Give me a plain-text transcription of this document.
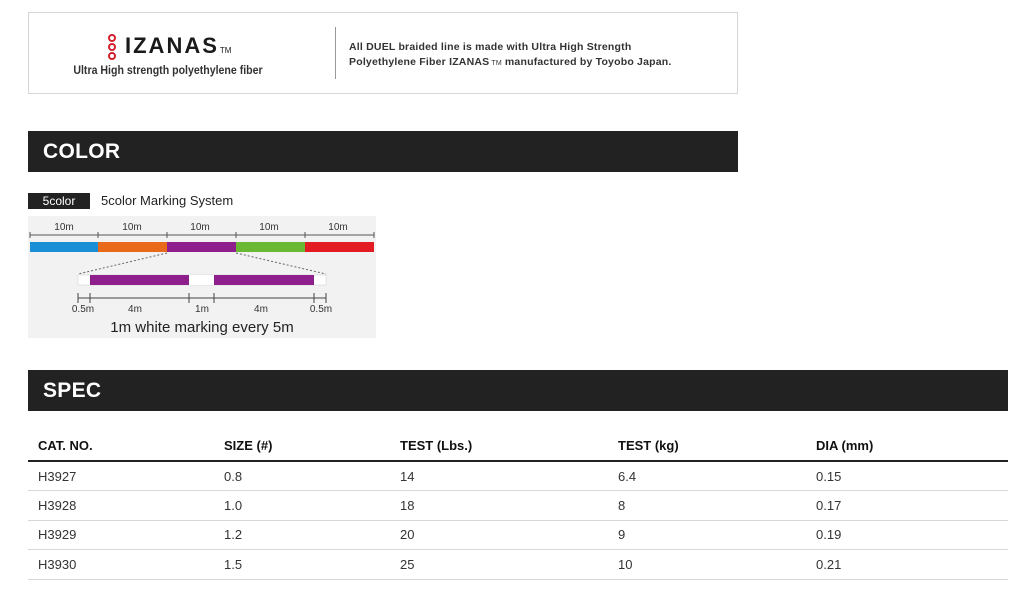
IZANASTM
Ultra High strength polyethylene fiber
All DUEL braided line is made with Ultra High Strength
Polyethylene Fiber IZANAS TM manufactured by Toyobo Japan.
COLOR
5color	5color Marking System
10m	10m	10m	10m	10m
0.5m	4m	1m	4m	0.5m
1m white marking every 5m
SPEC
CAT. NO.	SIZE (#)	TEST (Lbs.)	TEST (kg)	DIA (mm)
H3927	0.8	14	6.4	0.15
H3928	1.0	18	8	0.17
H3929	1.2	20	9	0.19
H3930	1.5	25	10	0.21
